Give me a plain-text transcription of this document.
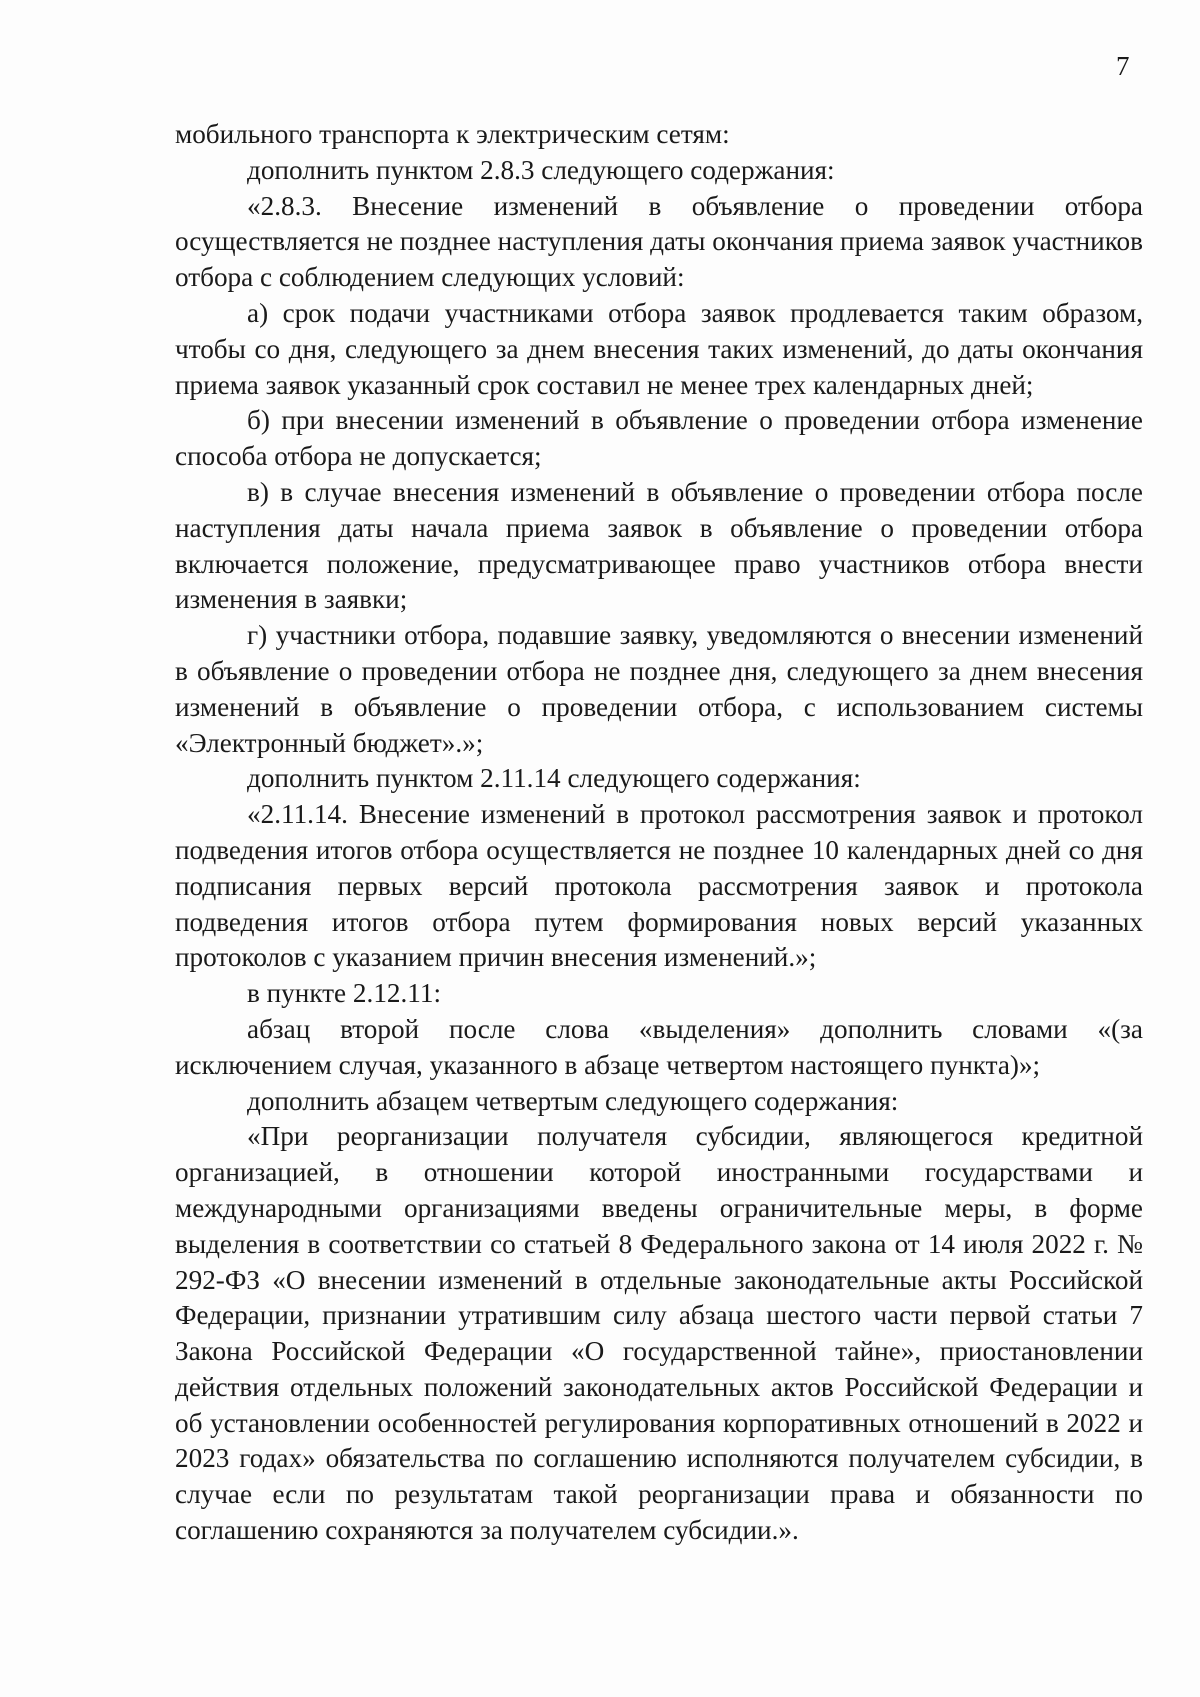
7

мобильного транспорта к электрическим сетям:

дополнить пунктом 2.8.3 следующего содержания:

«2.8.3. Внесение изменений в объявление о проведении отбора осуществляется не позднее наступления даты окончания приема заявок участников отбора с соблюдением следующих условий:

а) срок подачи участниками отбора заявок продлевается таким образом, чтобы со дня, следующего за днем внесения таких изменений, до даты окончания приема заявок указанный срок составил не менее трех календарных дней;

б) при внесении изменений в объявление о проведении отбора изменение способа отбора не допускается;

в) в случае внесения изменений в объявление о проведении отбора после наступления даты начала приема заявок в объявление о проведении отбора включается положение, предусматривающее право участников отбора внести изменения в заявки;

г) участники отбора, подавшие заявку, уведомляются о внесении изменений в объявление о проведении отбора не позднее дня, следующего за днем внесения изменений в объявление о проведении отбора, с использованием системы «Электронный бюджет».»;

дополнить пунктом 2.11.14 следующего содержания:

«2.11.14. Внесение изменений в протокол рассмотрения заявок и протокол подведения итогов отбора осуществляется не позднее 10 календарных дней со дня подписания первых версий протокола рассмотрения заявок и протокола подведения итогов отбора путем формирования новых версий указанных протоколов с указанием причин внесения изменений.»;

в пункте 2.12.11:

абзац второй после слова «выделения» дополнить словами «(за исключением случая, указанного в абзаце четвертом настоящего пункта)»;

дополнить абзацем четвертым следующего содержания:

«При реорганизации получателя субсидии, являющегося кредитной организацией, в отношении которой иностранными государствами и международными организациями введены ограничительные меры, в форме выделения в соответствии со статьей 8 Федерального закона от 14 июля 2022 г. № 292-ФЗ «О внесении изменений в отдельные законодательные акты Российской Федерации, признании утратившим силу абзаца шестого части первой статьи 7 Закона Российской Федерации «О государственной тайне», приостановлении действия отдельных положений законодательных актов Российской Федерации и об установлении особенностей регулирования корпоративных отношений в 2022 и 2023 годах» обязательства по соглашению исполняются получателем субсидии, в случае если по результатам такой реорганизации права и обязанности по соглашению сохраняются за получателем субсидии.».
